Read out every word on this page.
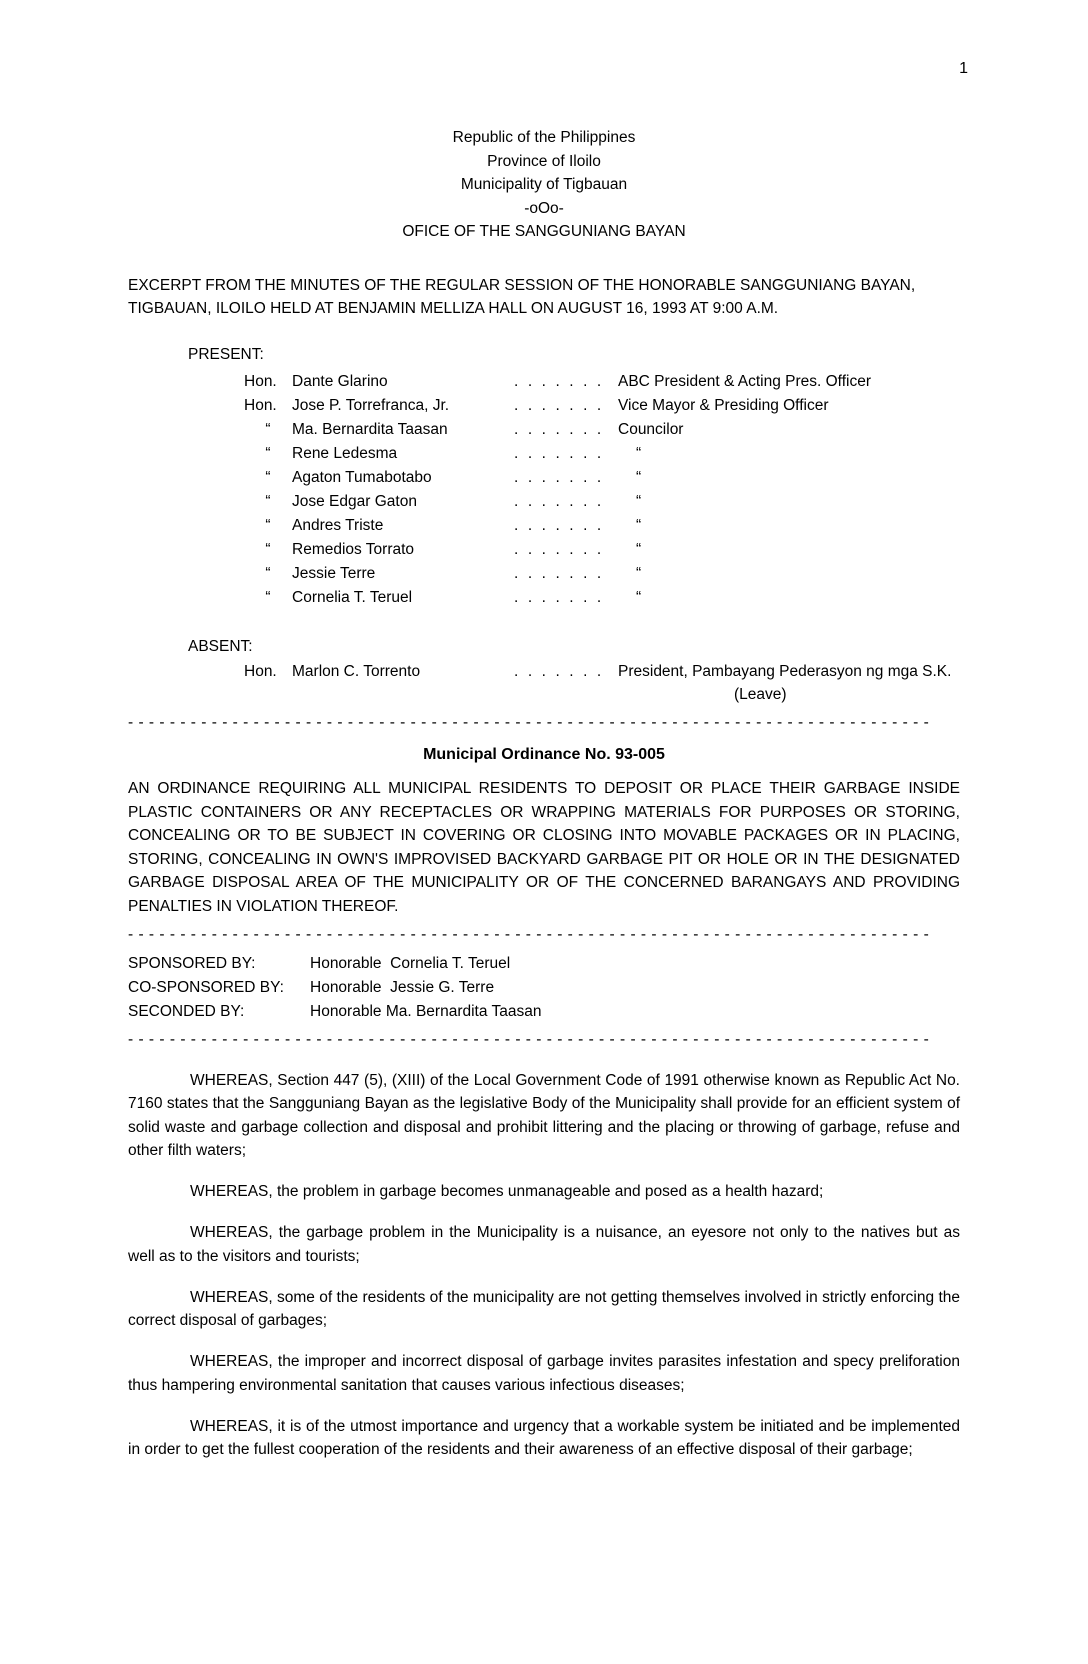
1
Republic of the Philippines
Province of Iloilo
Municipality of Tigbauan
-oOo-
OFICE OF THE SANGGUNIANG BAYAN
EXCERPT FROM THE MINUTES OF THE REGULAR SESSION OF THE HONORABLE SANGGUNIANG BAYAN,
TIGBAUAN, ILOILO HELD AT BENJAMIN MELLIZA HALL ON AUGUST 16, 1993 AT 9:00 A.M.
PRESENT:
Hon. Dante Glarino	. . . . . . . ABC President & Acting Pres. Officer
Hon. Jose P. Torrefranca, Jr.	. . . . . . . Vice Mayor & Presiding Officer
“	Ma. Bernardita Taasan	. . . . . . . Councilor
“	Rene Ledesma	. . . . . . .	“
“	Agaton Tumabotabo	. . . . . . .	“
“	Jose Edgar Gaton	. . . . . . .	“
“	Andres Triste	. . . . . . .	“
“	Remedios Torrato	. . . . . . .	“
“	Jessie Terre	. . . . . . .	“
“	Cornelia T. Teruel	. . . . . . .	“
ABSENT:
Hon. Marlon C. Torrento	. . . . . . . President, Pambayang Pederasyon ng mga S.K.
(Leave)
- - - - - - - - - - - - - - - - - - - - - - - - - - - - - - - - - - - - - - - - - - - - - - - - - - - - - - - - - - - - - - - - - - - - - - - - - - - - -
Municipal Ordinance No. 93-005
AN ORDINANCE REQUIRING ALL MUNICIPAL RESIDENTS TO DEPOSIT OR PLACE THEIR GARBAGE INSIDE PLASTIC CONTAINERS OR ANY RECEPTACLES OR WRAPPING MATERIALS FOR PURPOSES OR STORING, CONCEALING OR TO BE SUBJECT IN COVERING OR CLOSING INTO MOVABLE PACKAGES OR IN PLACING, STORING, CONCEALING IN OWN'S IMPROVISED BACKYARD GARBAGE PIT OR HOLE OR IN THE DESIGNATED GARBAGE DISPOSAL AREA OF THE MUNICIPALITY OR OF THE CONCERNED BARANGAYS AND PROVIDING PENALTIES IN VIOLATION THEREOF.
- - - - - - - - - - - - - - - - - - - - - - - - - - - - - - - - - - - - - - - - - - - - - - - - - - - - - - - - - - - - - - - - - - - - - - - - - - - - -
SPONSORED BY:	Honorable  Cornelia T. Teruel
CO-SPONSORED BY:	Honorable  Jessie G. Terre
SECONDED BY:	Honorable Ma. Bernardita Taasan
- - - - - - - - - - - - - - - - - - - - - - - - - - - - - - - - - - - - - - - - - - - - - - - - - - - - - - - - - - - - - - - - - - - - - - - - - - - - -
WHEREAS, Section 447 (5), (XIII) of the Local Government Code of 1991 otherwise known as Republic Act No. 7160 states that the Sangguniang Bayan as the legislative Body of the Municipality shall provide for an efficient system of solid waste and garbage collection and disposal and prohibit littering and the placing or throwing of garbage, refuse and other filth waters;
WHEREAS, the problem in garbage becomes unmanageable and posed as a health hazard;
WHEREAS, the garbage problem in the Municipality is a nuisance, an eyesore not only to the natives but as well as to the visitors and tourists;
WHEREAS, some of the residents of the municipality are not getting themselves involved in strictly enforcing the correct disposal of garbages;
WHEREAS, the improper and incorrect disposal of garbage invites parasites infestation and specy preliforation thus hampering environmental sanitation that causes various infectious diseases;
WHEREAS, it is of the utmost importance and urgency that a workable system be initiated and be implemented in order to get the fullest cooperation of the residents and their awareness of an effective disposal of their garbage;
